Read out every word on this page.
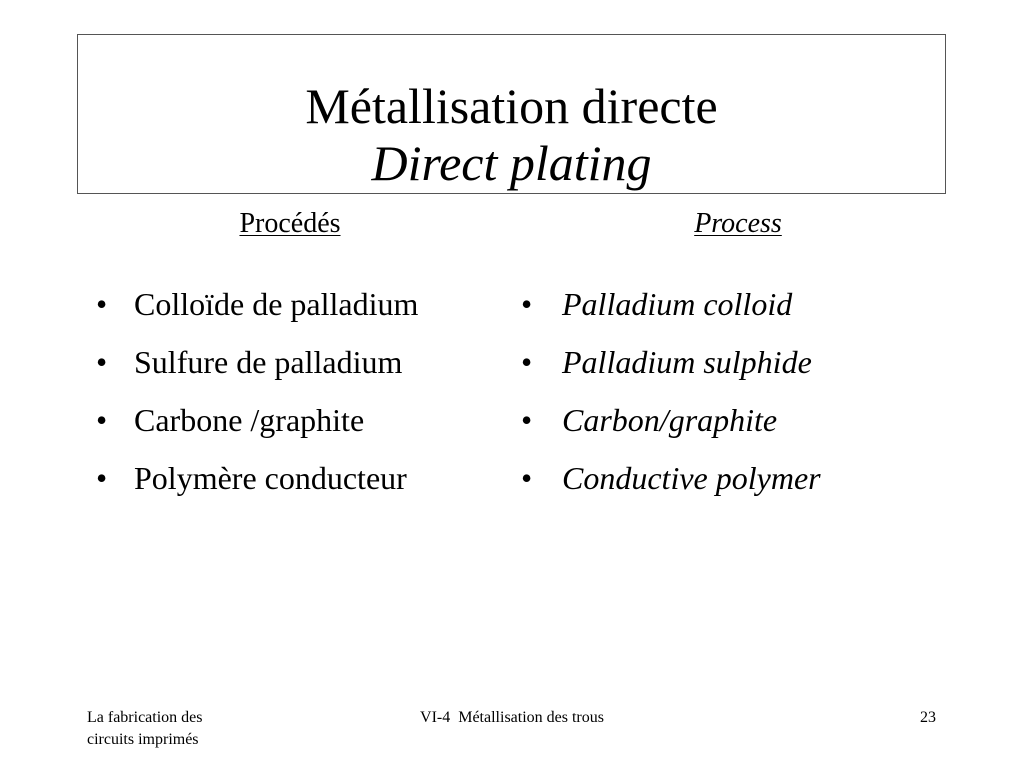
Métallisation directe
Direct plating
Procédés	Process
• Colloïde de palladium
• Sulfure de palladium
• Carbone /graphite
• Polymère conducteur
• Palladium colloid
• Palladium sulphide
• Carbon/graphite
• Conductive polymer
La fabrication des
circuits imprimés
VI-4  Métallisation des trous	23
